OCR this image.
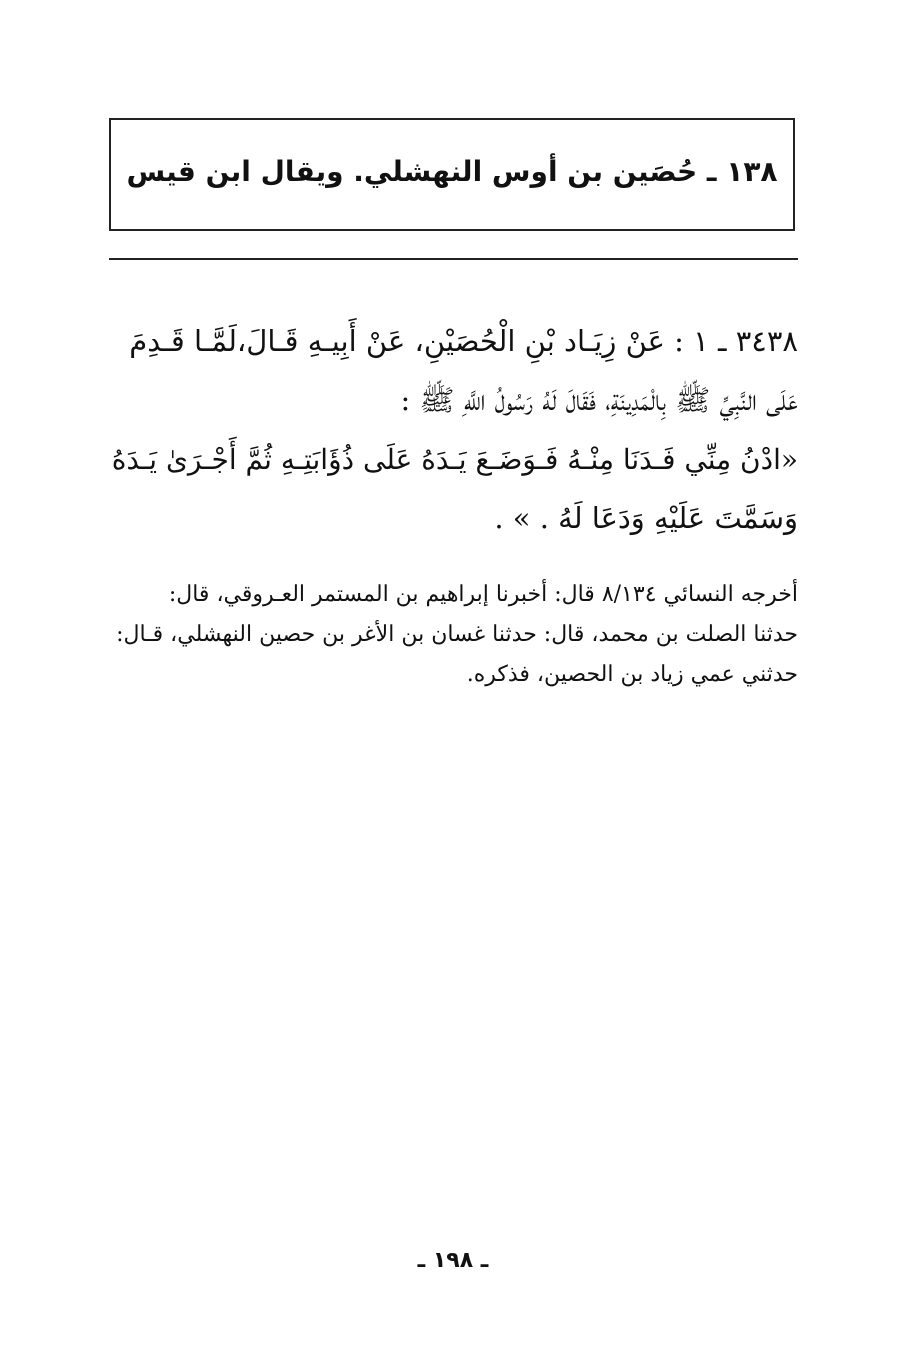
١٣٨ ـ حُصَين بن أوس النهشلي. ويقال ابن قيس
٣٤٣٨ ـ ١ : عَنْ زِيَـاد بْنِ الْحُصَيْنِ، عَنْ أَبِيـهِ قَـالَ،لَمَّـا قَـدِمَ
عَلَى النَّبِيِّ ﷺ بِالْمَدِينَةِ، فَقَالَ لَهُ رَسُولُ اللَّهِ ﷺ :
«ادْنُ مِنِّي فَـدَنَا مِنْـهُ فَـوَضَـعَ يَـدَهُ عَلَى ذُؤَابَتِـهِ ثُمَّ أَجْـرَىٰ يَـدَهُ
وَسَمَّتَ عَلَيْهِ وَدَعَا لَهُ . » .
أخرجه النسائي ٨/١٣٤ قال: أخبرنا إبراهيم بن المستمر العـروقي، قال:
حدثنا الصلت بن محمد، قال: حدثنا غسان بن الأغر بن حصين النهشلي، قـال:
حدثني عمي زياد بن الحصين، فذكره.
ـ ١٩٨ ـ
